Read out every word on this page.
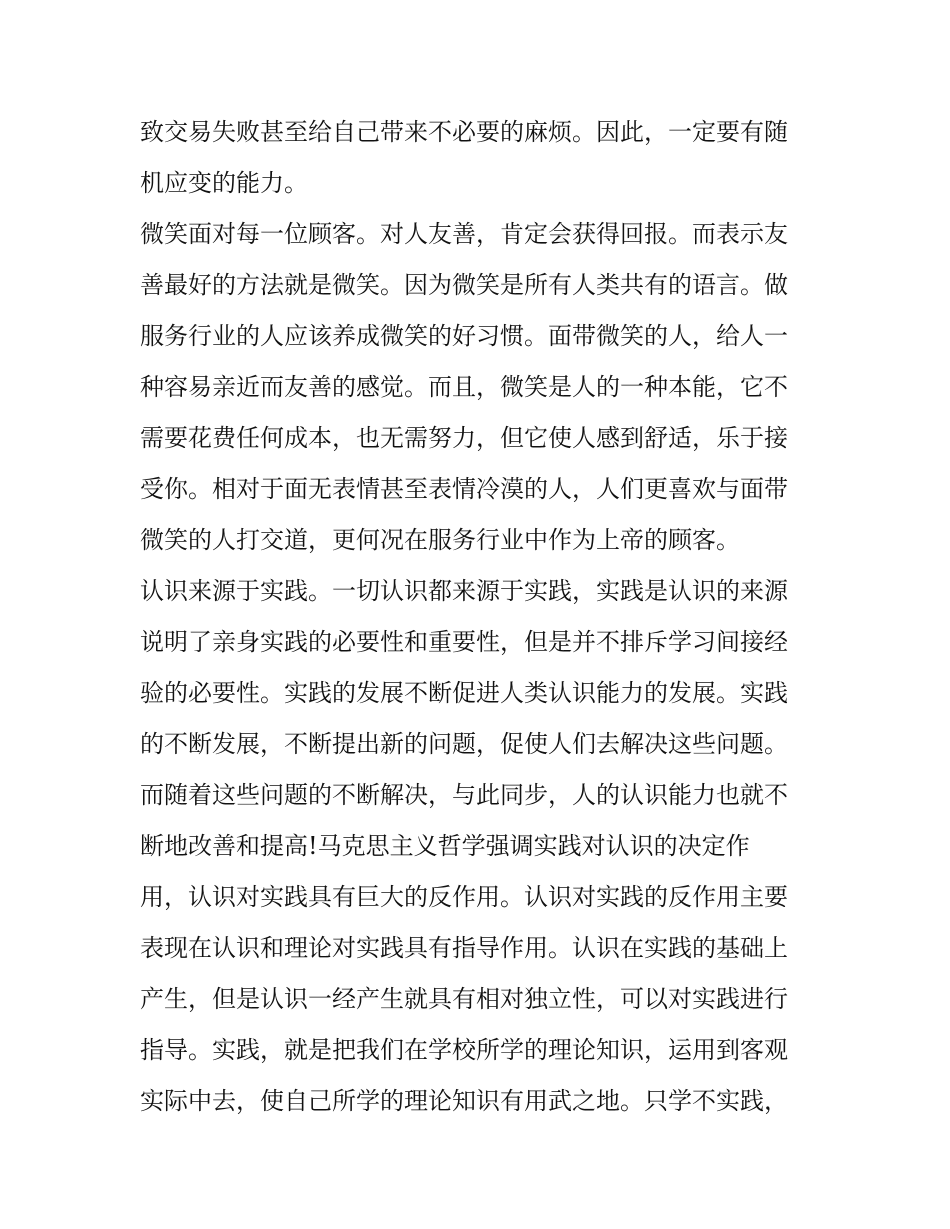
致交易失败甚至给自己带来不必要的麻烦。因此，一定要有随
机应变的能力。
微笑面对每一位顾客。对人友善，肯定会获得回报。而表示友
善最好的方法就是微笑。因为微笑是所有人类共有的语言。做
服务行业的人应该养成微笑的好习惯。面带微笑的人，给人一
种容易亲近而友善的感觉。而且，微笑是人的一种本能，它不
需要花费任何成本，也无需努力，但它使人感到舒适，乐于接
受你。相对于面无表情甚至表情冷漠的人，人们更喜欢与面带
微笑的人打交道，更何况在服务行业中作为上帝的顾客。
认识来源于实践。一切认识都来源于实践，实践是认识的来源
说明了亲身实践的必要性和重要性，但是并不排斥学习间接经
验的必要性。实践的发展不断促进人类认识能力的发展。实践
的不断发展，不断提出新的问题，促使人们去解决这些问题。
而随着这些问题的不断解决，与此同步，人的认识能力也就不
断地改善和提高!马克思主义哲学强调实践对认识的决定作
用，认识对实践具有巨大的反作用。认识对实践的反作用主要
表现在认识和理论对实践具有指导作用。认识在实践的基础上
产生，但是认识一经产生就具有相对独立性，可以对实践进行
指导。实践，就是把我们在学校所学的理论知识，运用到客观
实际中去，使自己所学的理论知识有用武之地。只学不实践，
